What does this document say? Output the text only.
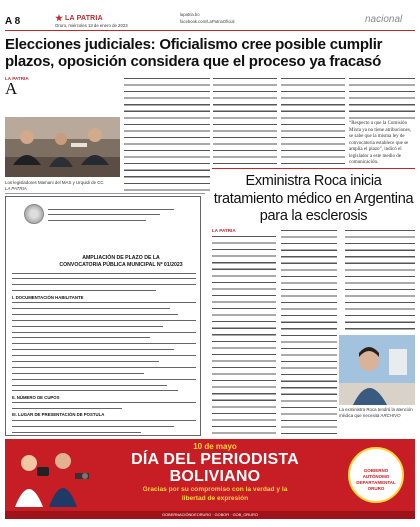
A 8	LA PATRIA
Oruro, miércoles 13 de enero de 2023
lapatria.bo
facebook.com/LaPatriaOficial	nacional
Elecciones judiciales: Oficialismo cree posible cumplir plazos, oposición considera que el proceso ya fracasó
LA PATRIA
A
Los legisladores Mamani del MAS y Urquidi de CC
LA PATRIA
“Respecto a que la Comisión Mixta ya no tiene atribuciones, se sabe que la misma ley de convocatoria establece que se amplía el plazo”, indicó el legislador a este medio de comunicación.
AMPLIACIÓN DE PLAZO DE LA
CONVOCATORIA PÚBLICA MUNICIPAL Nº 01/2023
I. DOCUMENTACIÓN HABILITANTE
II. NÚMERO DE CUPOS
III. LUGAR DE PRESENTACIÓN DE POSTULA
Exministra Roca inicia tratamiento médico en Argentina para la esclerosis
LA PATRIA
La exministra Roca tendrá la atención médica que necesita ARCHIVO
10 de mayo
DÍA DEL PERIODISTA
BOLIVIANO
Gracias por su compromiso con la verdad y la
libertad de expresión
GOBIERNO AUTÓNOMO DEPARTAMENTAL ORURO
GOBERNACIÓNDEORURO · GOBOR · GOB_ORURO
